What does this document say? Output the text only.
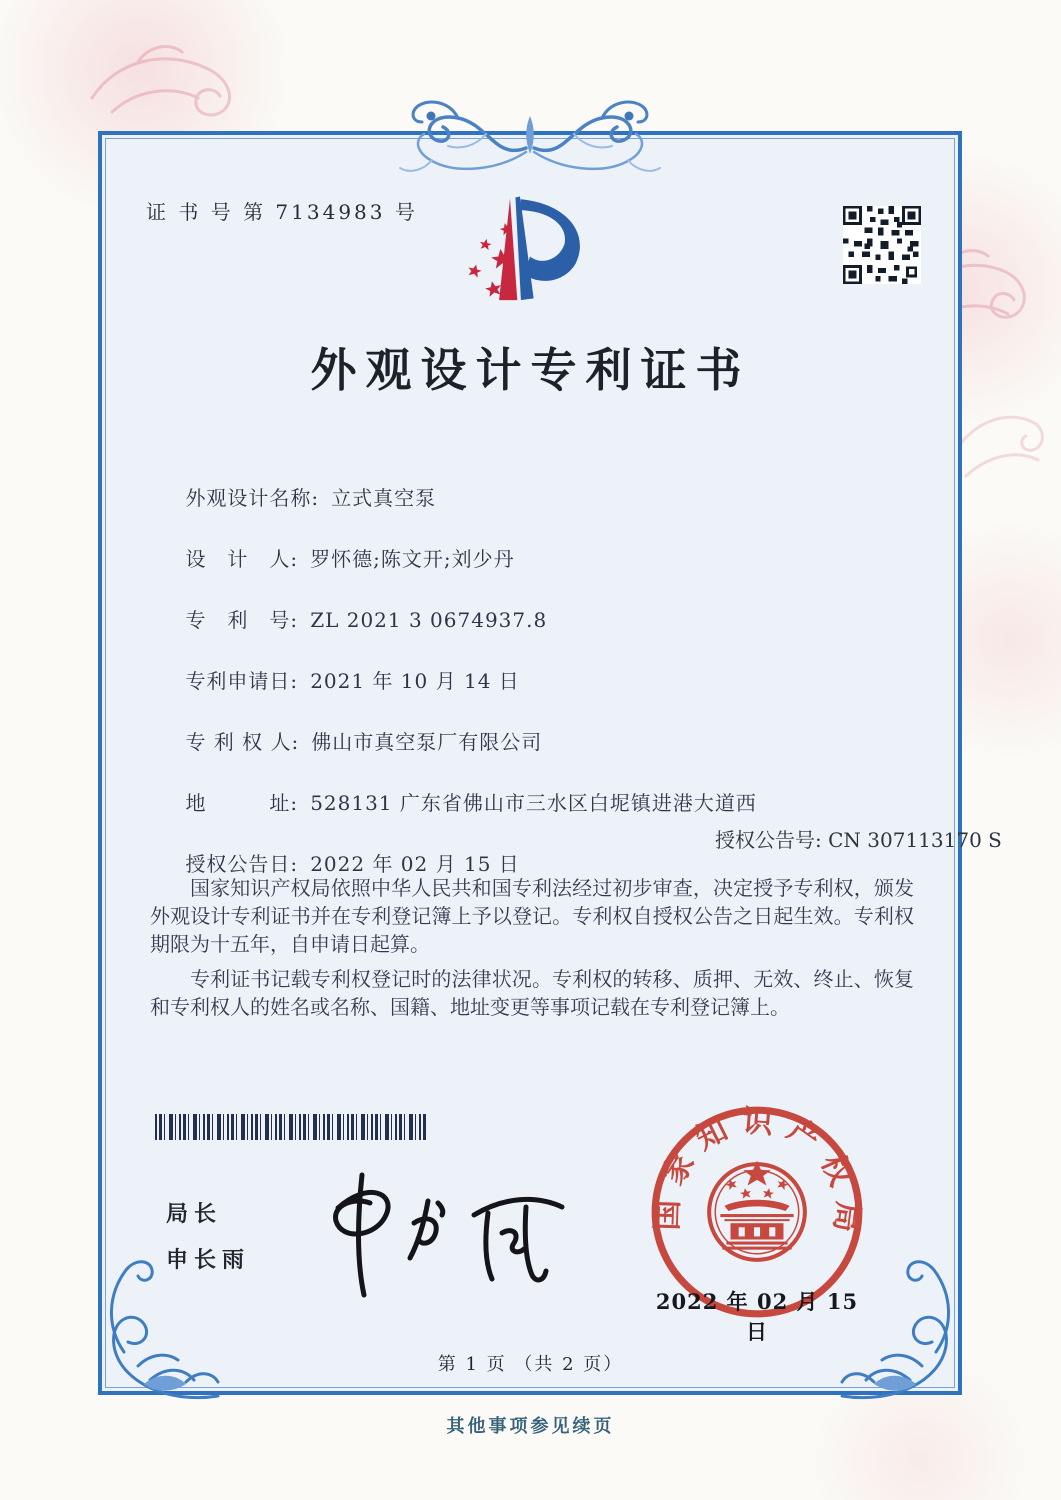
证 书 号 第 7134983 号
外观设计专利证书

外观设计名称: 立式真空泵

设　计　人: 罗怀德;陈文开;刘少丹

专　利　号: ZL 2021 3 0674937.8

专利申请日: 2021 年 10 月 14 日

专 利 权 人: 佛山市真空泵厂有限公司

地　　　址: 528131 广东省佛山市三水区白坭镇进港大道西

授权公告日: 2022 年 02 月 15 日

授权公告号: CN 307113170 S

国家知识产权局依照中华人民共和国专利法经过初步审查，决定授予专利权，颁发外观设计专利证书并在专利登记簿上予以登记。专利权自授权公告之日起生效。专利权期限为十五年，自申请日起算。

专利证书记载专利权登记时的法律状况。专利权的转移、质押、无效、终止、恢复和专利权人的姓名或名称、国籍、地址变更等事项记载在专利登记簿上。

局长
申长雨
国家知识产权局
2022 年 02 月 15 日
第 1 页 （共 2 页）
其他事项参见续页
